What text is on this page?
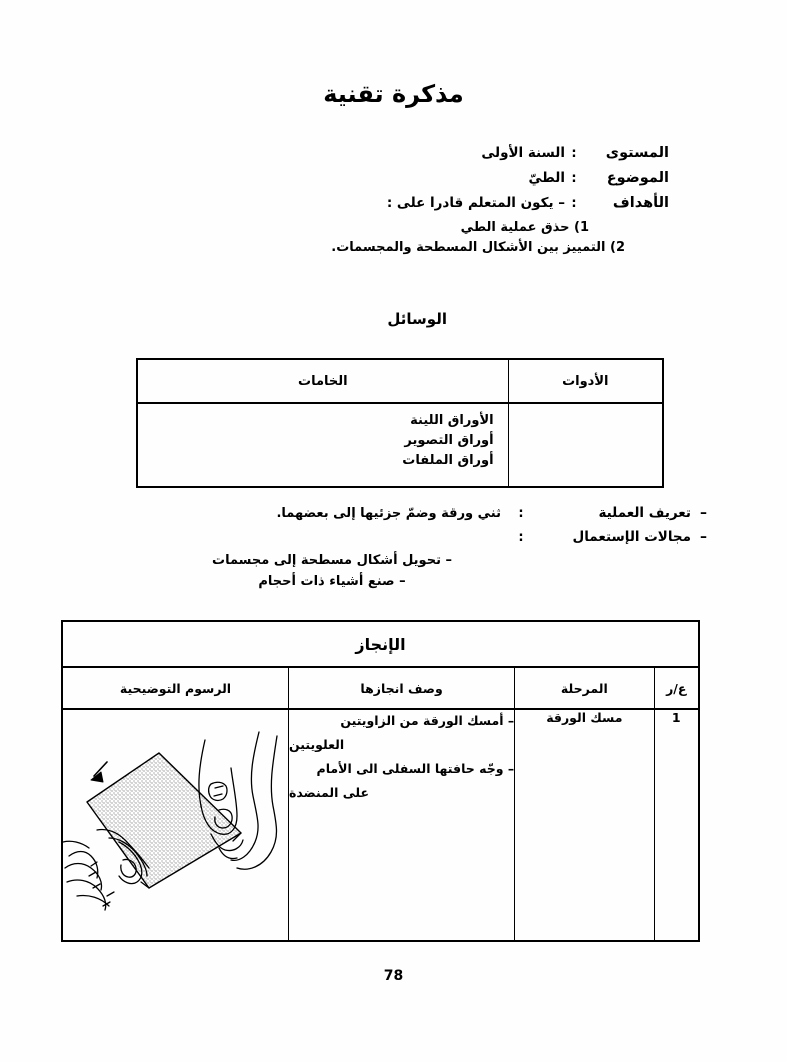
مذكرة تقنية
المستوى
:
السنة الأولى
الموضوع
:
الطيّ
الأهداف
:
– يكون المتعلم قادرا على :
1) حذق عملية الطي
2) التمييز بين الأشكال المسطحة والمجسمات.
الوسائل
الأدوات	الخامات

	الأوراق اللينة
أوراق التصوير
أوراق الملفات
–
تعريف العملية
:
ثني ورقة وضمّ جزئيها إلى بعضهما.
–
مجالات الإستعمال
:
– تحويل أشكال مسطحة إلى مجسمات
– صنع أشياء ذات أحجام
الإنجاز			
ع/ر	المرحلة	وصف انجازها	الرسوم التوضيحية
1	مسك الورقة	– أمسك الورقة من الزاويتين
العلويتين
– وجّه حافتها السفلى الى الأمام
على المنضدة

78
